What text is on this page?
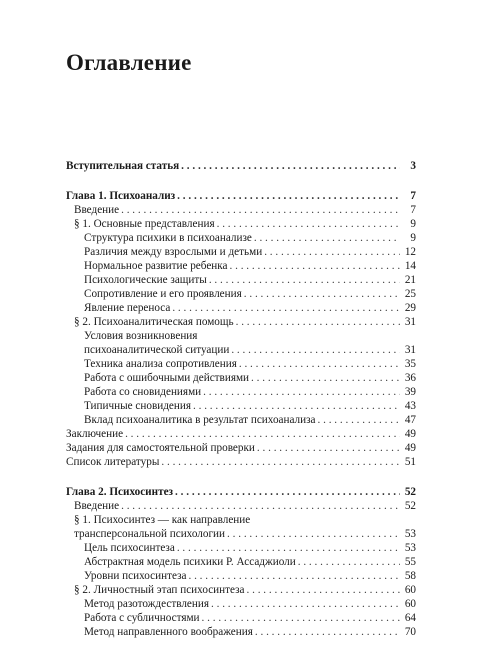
Оглавление
Вступительная статья . . .	3
Глава 1. Психоанализ . . .	7
Введение . . .	7
§ 1. Основные представления . . .	9
Структура психики в психоанализе . . .	9
Различия между взрослыми и детьми . . .	12
Нормальное развитие ребенка . . .	14
Психологические защиты . . .	21
Сопротивление и его проявления . . .	25
Явление переноса . . .	29
§ 2. Психоаналитическая помощь . . .	31
Условия возникновения
психоаналитической ситуации . . .	31
Техника анализа сопротивления . . .	35
Работа с ошибочными действиями . . .	36
Работа со сновидениями . . .	39
Типичные сновидения . . .	43
Вклад психоаналитика в результат психоанализа . . .	47
Заключение . . .	49
Задания для самостоятельной проверки . . .	49
Список литературы . . .	51
Глава 2. Психосинтез . . .	52
Введение . . .	52
§ 1. Психосинтез — как направление
трансперсональной психологии . . .	53
Цель психосинтеза . . .	53
Абстрактная модель психики Р. Ассаджиоли . . .	55
Уровни психосинтеза . . .	58
§ 2. Личностный этап психосинтеза . . .	60
Метод разотождествления . . .	60
Работа с субличностями . . .	64
Метод направленного воображения . . .	70
